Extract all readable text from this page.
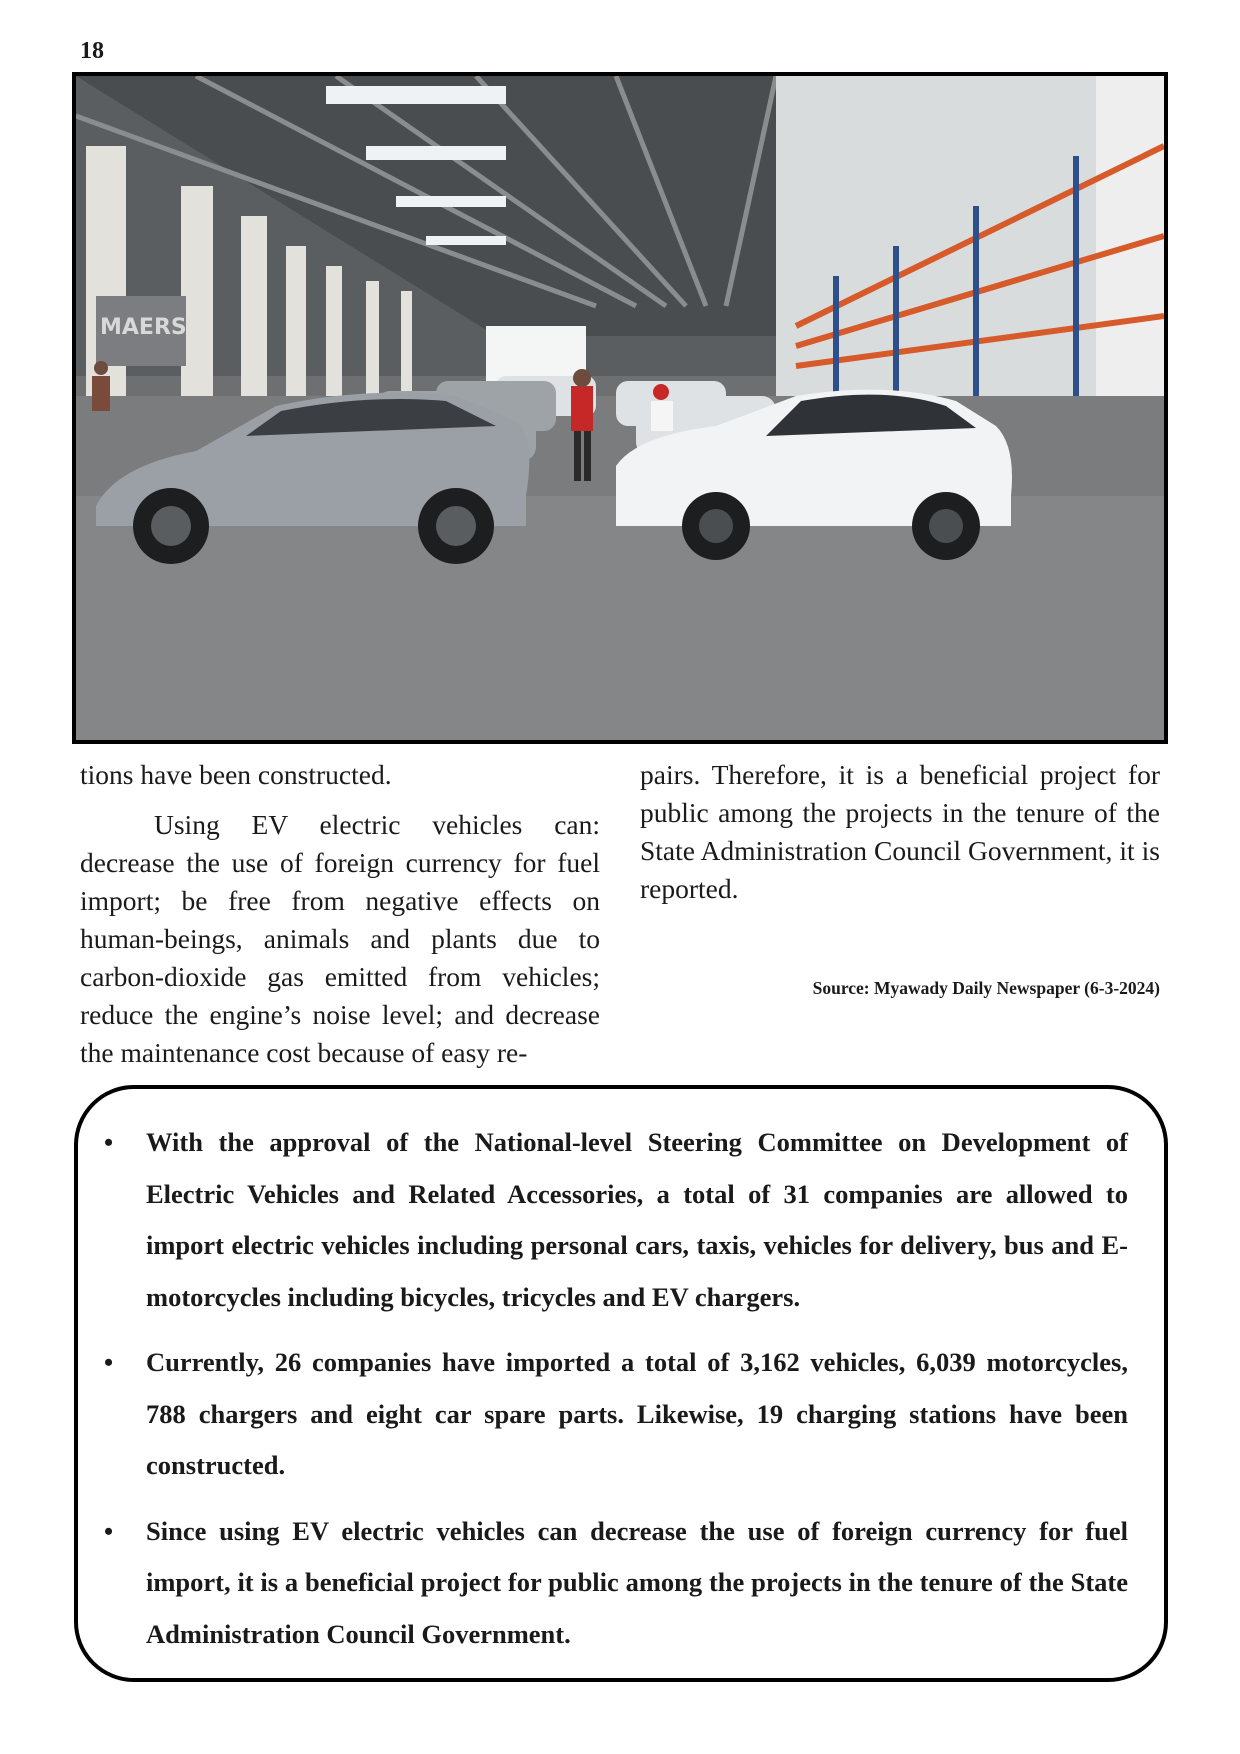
18
MAERS

tions have been constructed.

Using EV electric vehicles can: decrease the use of foreign currency for fuel import; be free from negative effects on human-beings, animals and plants due to carbon-dioxide gas emitted from vehicles; reduce the engine’s noise level; and decrease the maintenance cost because of easy re-

pairs. Therefore, it is a beneficial project for public among the projects in the tenure of the State Administration Council Government, it is reported.

Source: Myawady Daily Newspaper (6-3-2024)
• With the approval of the National-level Steering Committee on Development of Electric Vehicles and Related Accessories, a total of 31 companies are allowed to import electric vehicles including personal cars, taxis, vehicles for delivery, bus and E-motorcycles including bicycles, tricycles and EV chargers.
• Currently, 26 companies have imported a total of 3,162 vehicles, 6,039 motorcycles, 788 chargers and eight car spare parts. Likewise, 19 charging stations have been constructed.
• Since using EV electric vehicles can decrease the use of foreign currency for fuel import, it is a beneficial project for public among the projects in the tenure of the State Administration Council Government.
